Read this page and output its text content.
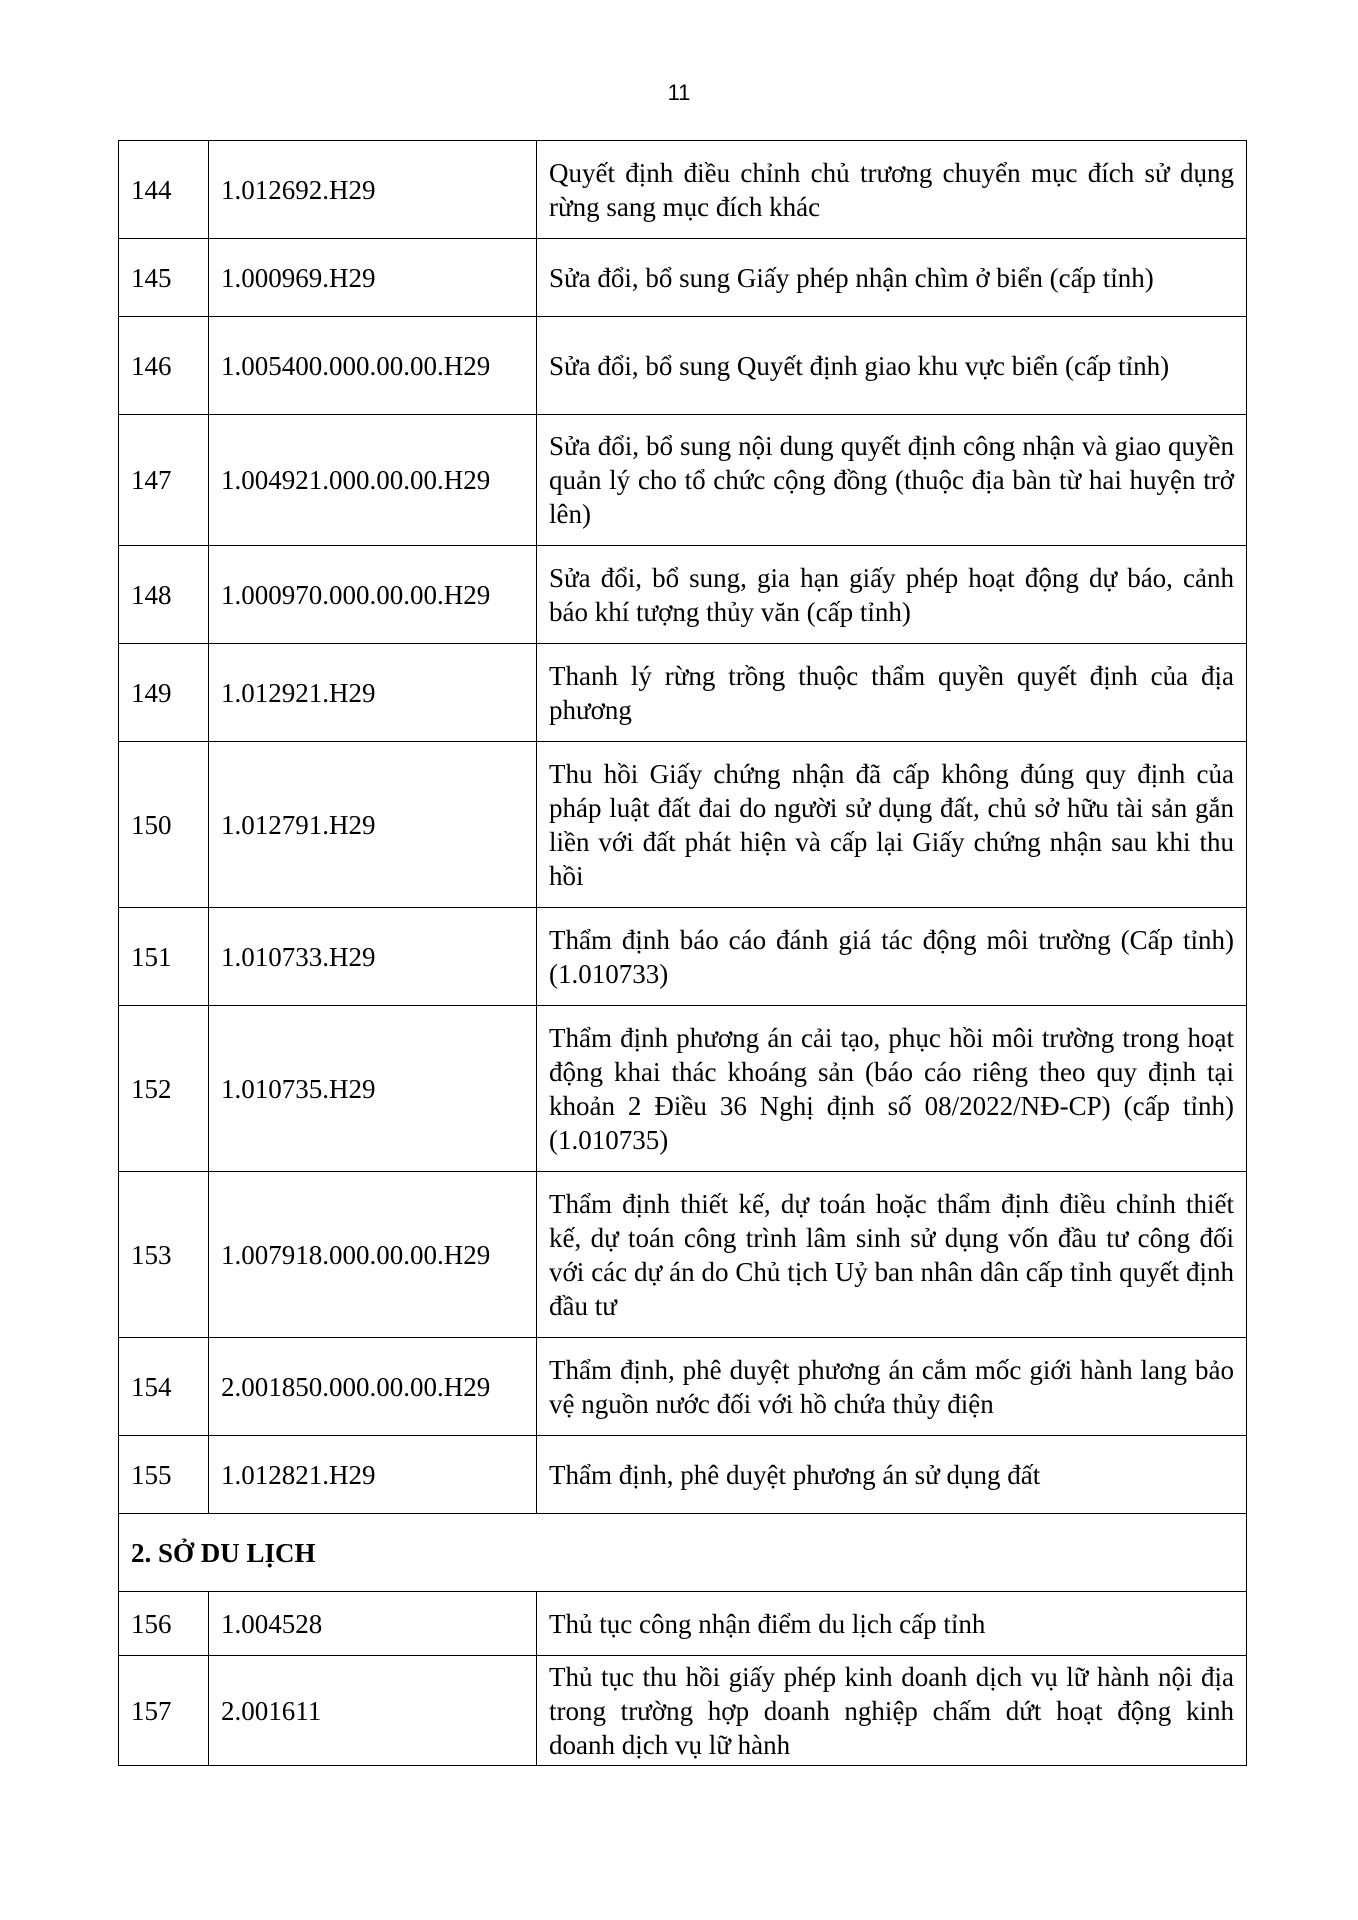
11
144	1.012692.H29	Quyết định điều chỉnh chủ trương chuyển mục đích sử dụng rừng sang mục đích khác
145	1.000969.H29	Sửa đổi, bổ sung Giấy phép nhận chìm ở biển (cấp tỉnh)
146	1.005400.000.00.00.H29	Sửa đổi, bổ sung Quyết định giao khu vực biển (cấp tỉnh)
147	1.004921.000.00.00.H29	Sửa đổi, bổ sung nội dung quyết định công nhận và giao quyền quản lý cho tổ chức cộng đồng (thuộc địa bàn từ hai huyện trở lên)
148	1.000970.000.00.00.H29	Sửa đổi, bổ sung, gia hạn giấy phép hoạt động dự báo, cảnh báo khí tượng thủy văn (cấp tỉnh)
149	1.012921.H29	Thanh lý rừng trồng thuộc thẩm quyền quyết định của địa phương
150	1.012791.H29	Thu hồi Giấy chứng nhận đã cấp không đúng quy định của pháp luật đất đai do người sử dụng đất, chủ sở hữu tài sản gắn liền với đất phát hiện và cấp lại Giấy chứng nhận sau khi thu hồi
151	1.010733.H29	Thẩm định báo cáo đánh giá tác động môi trường (Cấp tỉnh) (1.010733)
152	1.010735.H29	Thẩm định phương án cải tạo, phục hồi môi trường trong hoạt động khai thác khoáng sản (báo cáo riêng theo quy định tại khoản 2 Điều 36 Nghị định số 08/2022/NĐ-CP) (cấp tỉnh) (1.010735)
153	1.007918.000.00.00.H29	Thẩm định thiết kế, dự toán hoặc thẩm định điều chỉnh thiết kế, dự toán công trình lâm sinh sử dụng vốn đầu tư công đối với các dự án do Chủ tịch Uỷ ban nhân dân cấp tỉnh quyết định đầu tư
154	2.001850.000.00.00.H29	Thẩm định, phê duyệt phương án cắm mốc giới hành lang bảo vệ nguồn nước đối với hồ chứa thủy điện
155	1.012821.H29	Thẩm định, phê duyệt phương án sử dụng đất
2. SỞ DU LỊCH		
156	1.004528	Thủ tục công nhận điểm du lịch cấp tỉnh
157	2.001611	Thủ tục thu hồi giấy phép kinh doanh dịch vụ lữ hành nội địa trong trường hợp doanh nghiệp chấm dứt hoạt động kinh doanh dịch vụ lữ hành
